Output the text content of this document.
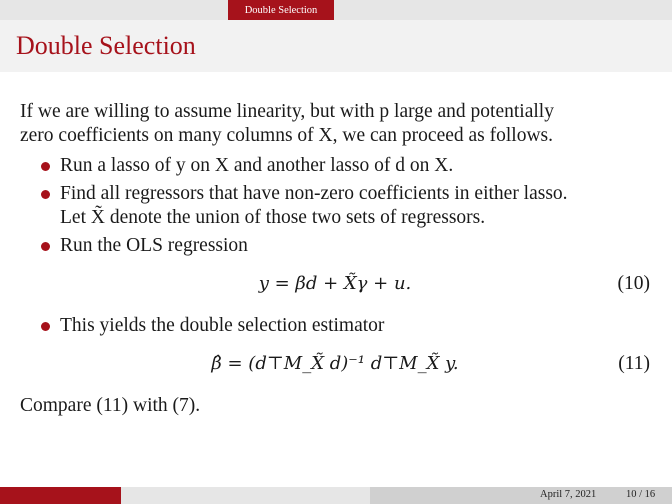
Double Selection
Double Selection

If we are willing to assume linearity, but with p large and potentially
zero coefficients on many columns of X, we can proceed as follows.

Run a lasso of y on X and another lasso of d on X.
Find all regressors that have non-zero coefficients in either lasso.
Let X̃ denote the union of those two sets of regressors.
Run the OLS regression
y = βd + X̃γ + u.	(10)
This yields the double selection estimator
β̂ = (d⊤M_X̃ d)⁻¹ d⊤M_X̃ y.	(11)

Compare (11) with (7).

April 7, 2021	10 / 16
